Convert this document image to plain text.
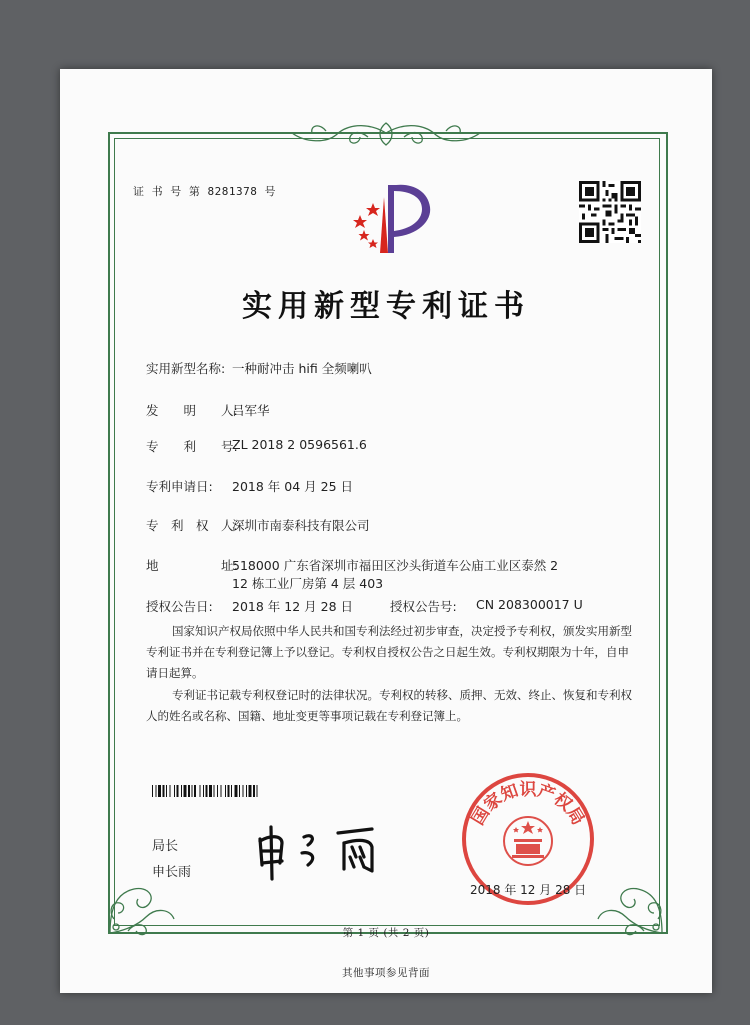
证 书 号 第 8281378 号
实用新型专利证书
实用新型名称: 一种耐冲击 hifi 全频喇叭
发　　明　　人:
吕军华
专　　利　　号:
ZL 2018 2 0596561.6
专利申请日: 2018 年 04 月 25 日
专　利　权　人:
深圳市南泰科技有限公司
地　　　　　址:
518000 广东省深圳市福田区沙头街道车公庙工业区泰然 2
12 栋工业厂房第 4 层 403
授权公告日: 2018 年 12 月 28 日	授权公告号: CN 208300017 U
国家知识产权局依照中华人民共和国专利法经过初步审查，决定授予专利权，颁发实用新型专利证书并在专利登记簿上予以登记。专利权自授权公告之日起生效。专利权期限为十年，自申请日起算。
专利证书记载专利权登记时的法律状况。专利权的转移、质押、无效、终止、恢复和专利权人的姓名或名称、国籍、地址变更等事项记载在专利登记簿上。
局长
申长雨
国家知识产权局
2018 年 12 月 28 日
第 1 页 (共 2 页)
其他事项参见背面
